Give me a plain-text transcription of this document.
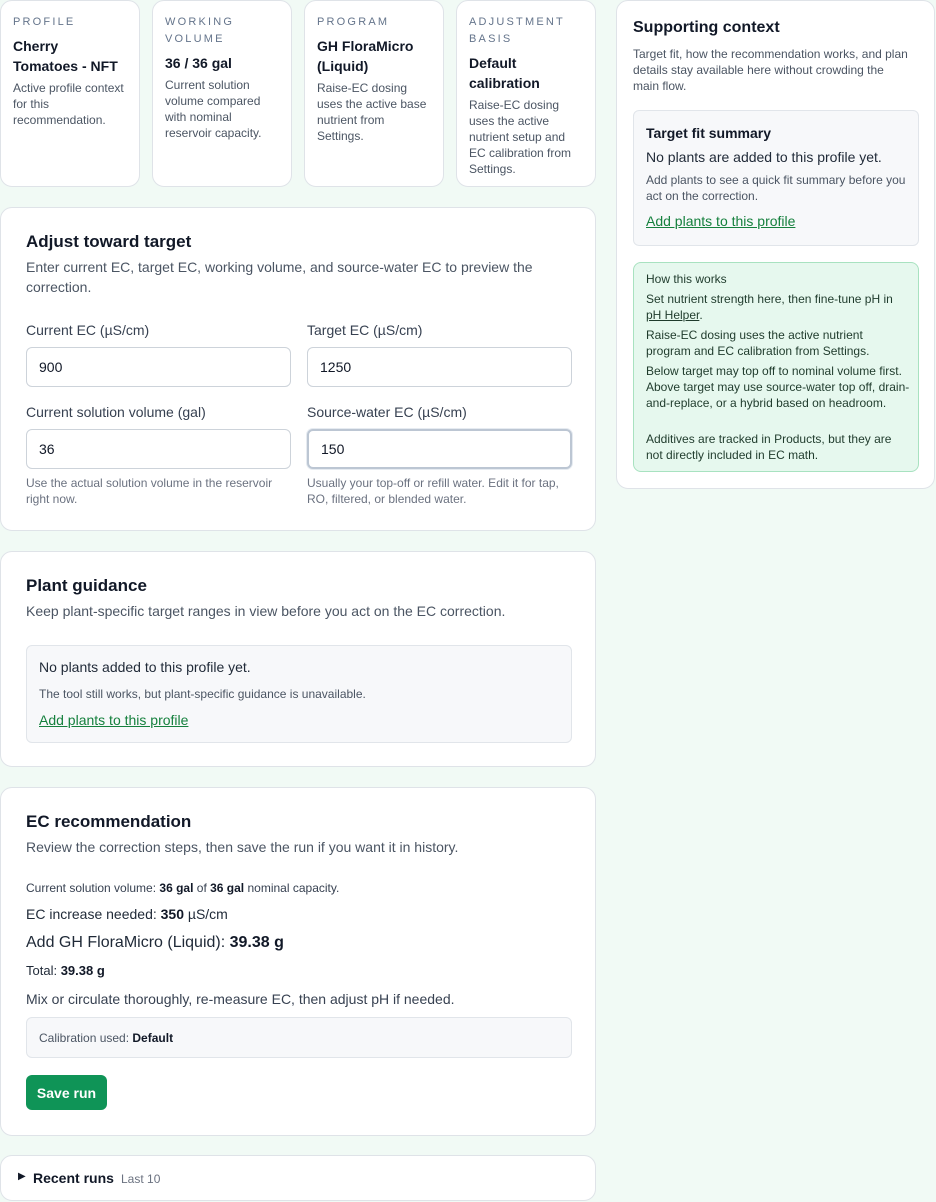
PROFILE
Cherry Tomatoes - NFT
Active profile context for this recommendation.
WORKING VOLUME
36 / 36 gal
Current solution volume compared with nominal reservoir capacity.
PROGRAM
GH FloraMicro (Liquid)
Raise-EC dosing uses the active base nutrient from Settings.
ADJUSTMENT BASIS
Default calibration
Raise-EC dosing uses the active nutrient setup and EC calibration from Settings.
Adjust toward target
Enter current EC, target EC, working volume, and source-water EC to preview the correction.
Current EC (µS/cm)
900	Target EC (µS/cm)
1250
Current solution volume (gal)
36
Use the actual solution volume in the reservoir right now.
Source-water EC (µS/cm)
150
Usually your top-off or refill water. Edit it for tap, RO, filtered, or blended water.
Plant guidance
Keep plant-specific target ranges in view before you act on the EC correction.
No plants added to this profile yet.
The tool still works, but plant-specific guidance is unavailable.
Add plants to this profile
EC recommendation
Review the correction steps, then save the run if you want it in history.
Current solution volume: 36 gal of 36 gal nominal capacity.
EC increase needed: 350 µS/cm
Add GH FloraMicro (Liquid): 39.38 g
Total: 39.38 g
Mix or circulate thoroughly, re-measure EC, then adjust pH if needed.
Calibration used: Default
Save run
▶ Recent runs Last 10
Supporting context
Target fit, how the recommendation works, and plan details stay available here without crowding the main flow.
Target fit summary
No plants are added to this profile yet.
Add plants to see a quick fit summary before you act on the correction.
Add plants to this profile
How this works
Set nutrient strength here, then fine-tune pH in pH Helper.
Raise-EC dosing uses the active nutrient program and EC calibration from Settings.
Below target may top off to nominal volume first. Above target may use source-water top off, drain-and-replace, or a hybrid based on headroom.
Additives are tracked in Products, but they are not directly included in EC math.
